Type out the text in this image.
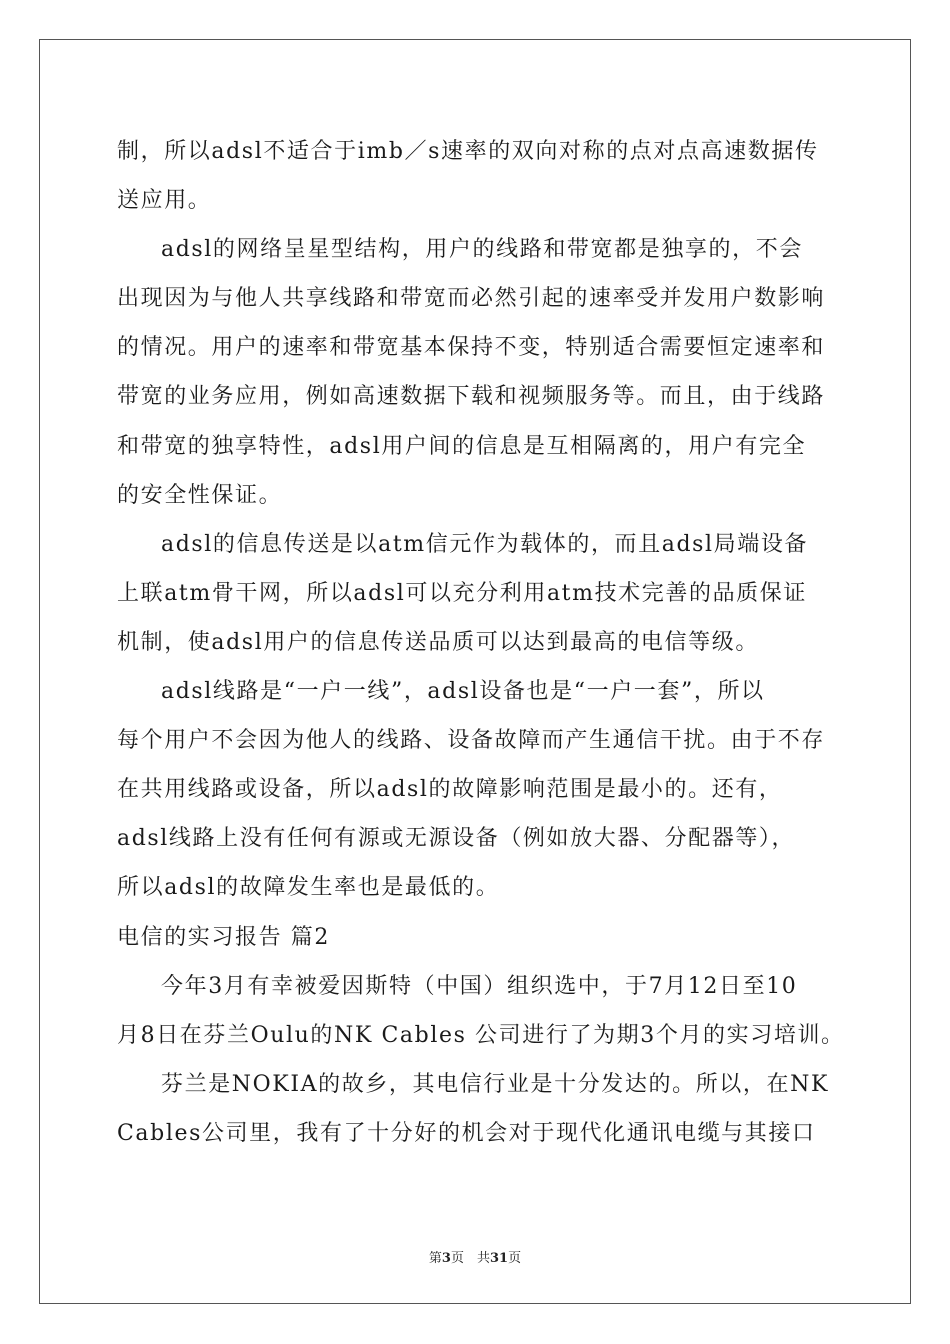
制，所以adsl不适合于imb／s速率的双向对称的点对点高速数据传
送应用。
adsl的网络呈星型结构，用户的线路和带宽都是独享的，不会
出现因为与他人共享线路和带宽而必然引起的速率受并发用户数影响
的情况。用户的速率和带宽基本保持不变，特别适合需要恒定速率和
带宽的业务应用，例如高速数据下载和视频服务等。而且，由于线路
和带宽的独享特性，adsl用户间的信息是互相隔离的，用户有完全
的安全性保证。
adsl的信息传送是以atm信元作为载体的，而且adsl局端设备
上联atm骨干网，所以adsl可以充分利用atm技术完善的品质保证
机制，使adsl用户的信息传送品质可以达到最高的电信等级。
adsl线路是“一户一线”，adsl设备也是“一户一套”，所以
每个用户不会因为他人的线路、设备故障而产生通信干扰。由于不存
在共用线路或设备，所以adsl的故障影响范围是最小的。还有，
adsl线路上没有任何有源或无源设备（例如放大器、分配器等），
所以adsl的故障发生率也是最低的。
电信的实习报告 篇2
今年3月有幸被爱因斯特（中国）组织选中，于7月12日至10
月8日在芬兰Oulu的NK Cables 公司进行了为期3个月的实习培训。
芬兰是NOKIA的故乡，其电信行业是十分发达的。所以，在NK
Cables公司里，我有了十分好的机会对于现代化通讯电缆与其接口
第3页　共31页
